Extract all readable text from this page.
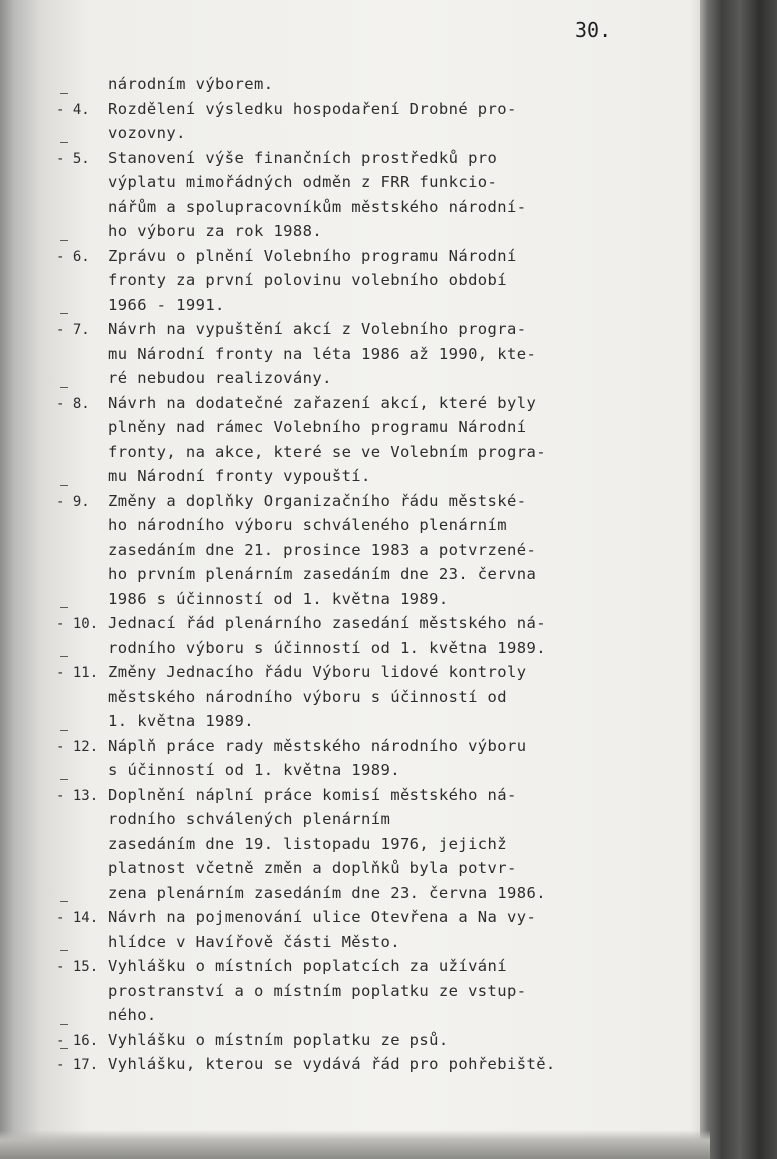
30.
národním výborem.
- 4. Rozdělení výsledku hospodaření Drobné pro-
vozovny.
- 5. Stanovení výše finančních prostředků pro
výplatu mimořádných odměn z FRR funkcio-
nářům a spolupracovníkům městského národní-
ho výboru za rok 1988.
- 6. Zprávu o plnění Volebního programu Národní
fronty za první polovinu volebního období
1966 - 1991.
- 7. Návrh na vypuštění akcí z Volebního progra-
mu Národní fronty na léta 1986 až 1990, kte-
ré nebudou realizovány.
- 8. Návrh na dodatečné zařazení akcí, které byly
plněny nad rámec Volebního programu Národní
fronty, na akce, které se ve Volebním progra-
mu Národní fronty vypouští.
- 9. Změny a doplňky Organizačního řádu městské-
ho národního výboru schváleného plenárním
zasedáním dne 21. prosince 1983 a potvrzené-
ho prvním plenárním zasedáním dne 23. června
1986 s účinností od 1. května 1989.
- 10. Jednací řád plenárního zasedání městského ná-
rodního výboru s účinností od 1. května 1989.
- 11. Změny Jednacího řádu Výboru lidové kontroly
městského národního výboru s účinností od
1. května 1989.
- 12. Náplň práce rady městského národního výboru
s účinností od 1. května 1989.
- 13. Doplnění náplní práce komisí městského ná-
rodního schválených plenárním
zasedáním dne 19. listopadu 1976, jejichž
platnost včetně změn a doplňků byla potvr-
zena plenárním zasedáním dne 23. června 1986.
- 14. Návrh na pojmenování ulice Otevřena a Na vy-
hlídce v Havířově části Město.
- 15. Vyhlášku o místních poplatcích za užívání
prostranství a o místním poplatku ze vstup-
ného.
- 16. Vyhlášku o místním poplatku ze psů.
- 17. Vyhlášku, kterou se vydává řád pro pohřebiště.
